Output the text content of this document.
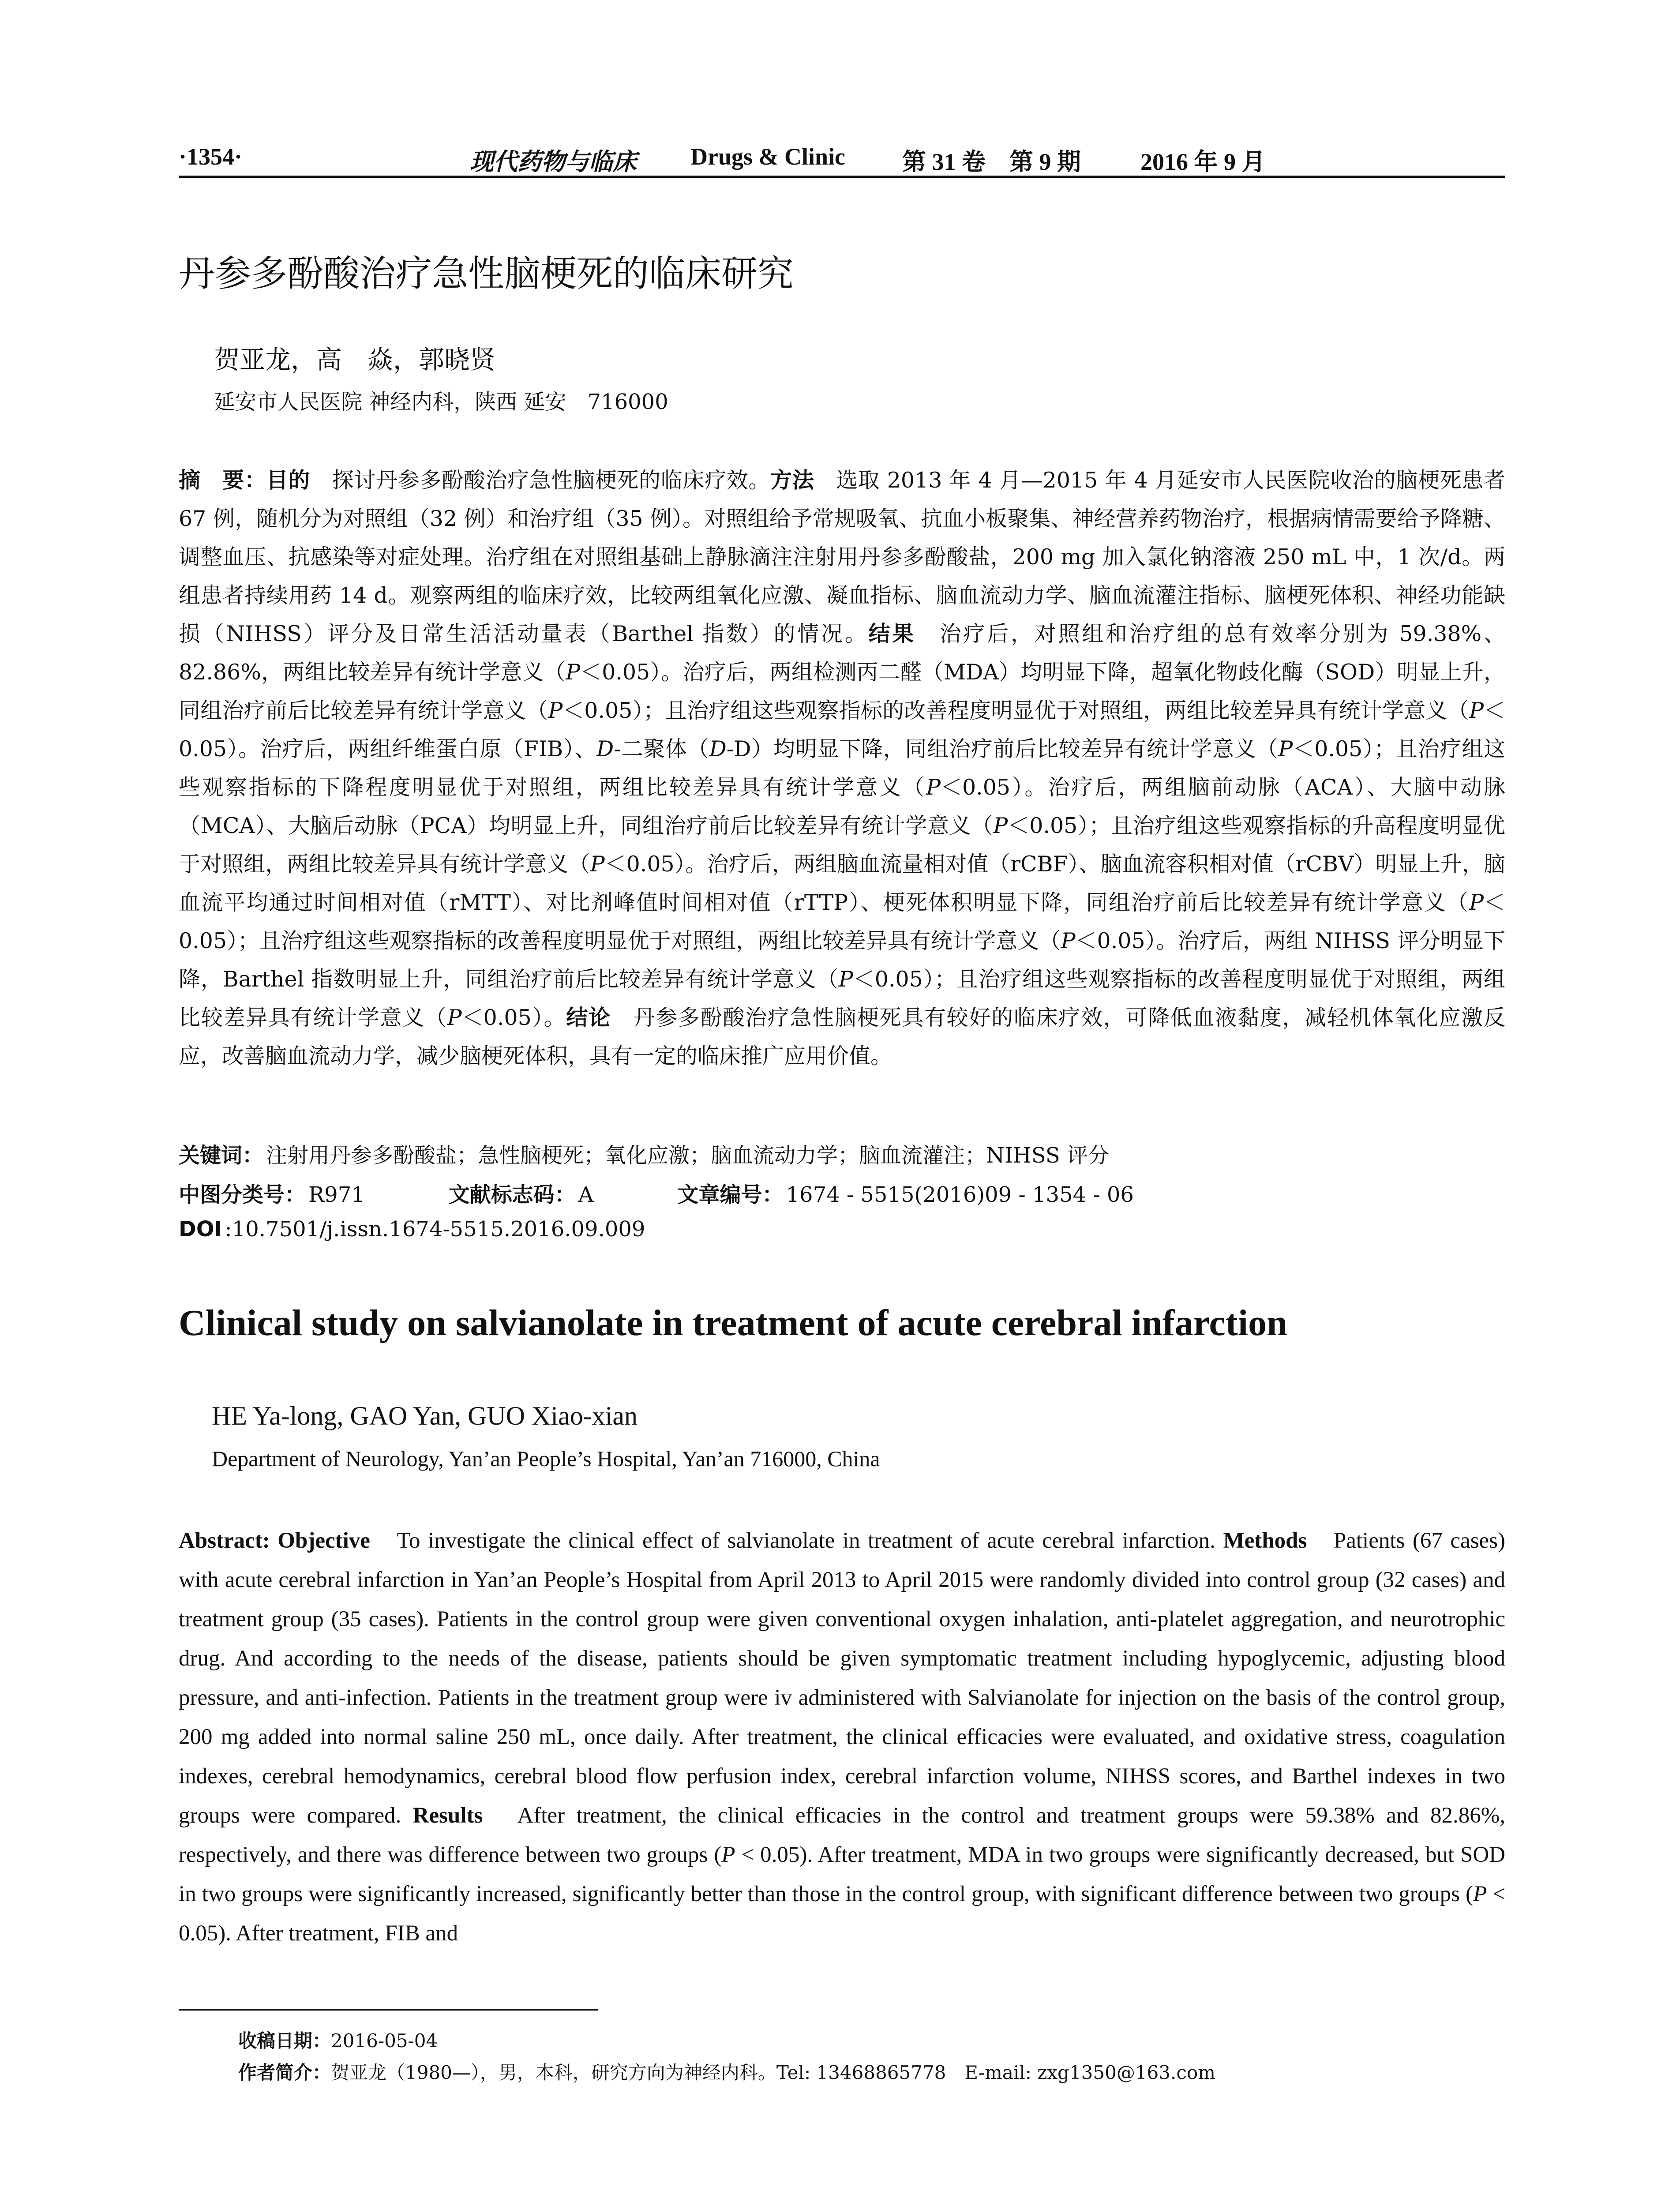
·1354·	现代药物与临床 Drugs & Clinic 第 31 卷　第 9 期	2016 年 9 月
丹参多酚酸治疗急性脑梗死的临床研究
贺亚龙，高　焱，郭晓贤
延安市人民医院 神经内科，陕西 延安　716000

摘　要：目的　探讨丹参多酚酸治疗急性脑梗死的临床疗效。方法　选取 2013 年 4 月—2015 年 4 月延安市人民医院收治的脑梗死患者 67 例，随机分为对照组（32 例）和治疗组（35 例）。对照组给予常规吸氧、抗血小板聚集、神经营养药物治疗，根据病情需要给予降糖、调整血压、抗感染等对症处理。治疗组在对照组基础上静脉滴注注射用丹参多酚酸盐，200 mg 加入氯化钠溶液 250 mL 中，1 次/d。两组患者持续用药 14 d。观察两组的临床疗效，比较两组氧化应激、凝血指标、脑血流动力学、脑血流灌注指标、脑梗死体积、神经功能缺损（NIHSS）评分及日常生活活动量表（Barthel 指数）的情况。结果　治疗后，对照组和治疗组的总有效率分别为 59.38%、82.86%，两组比较差异有统计学意义（P＜0.05）。治疗后，两组检测丙二醛（MDA）均明显下降，超氧化物歧化酶（SOD）明显上升，同组治疗前后比较差异有统计学意义（P＜0.05）；且治疗组这些观察指标的改善程度明显优于对照组，两组比较差异具有统计学意义（P＜0.05）。治疗后，两组纤维蛋白原（FIB）、D-二聚体（D-D）均明显下降，同组治疗前后比较差异有统计学意义（P＜0.05）；且治疗组这些观察指标的下降程度明显优于对照组，两组比较差异具有统计学意义（P＜0.05）。治疗后，两组脑前动脉（ACA）、大脑中动脉（MCA）、大脑后动脉（PCA）均明显上升，同组治疗前后比较差异有统计学意义（P＜0.05）；且治疗组这些观察指标的升高程度明显优于对照组，两组比较差异具有统计学意义（P＜0.05）。治疗后，两组脑血流量相对值（rCBF）、脑血流容积相对值（rCBV）明显上升，脑血流平均通过时间相对值（rMTT）、对比剂峰值时间相对值（rTTP）、梗死体积明显下降，同组治疗前后比较差异有统计学意义（P＜0.05）；且治疗组这些观察指标的改善程度明显优于对照组，两组比较差异具有统计学意义（P＜0.05）。治疗后，两组 NIHSS 评分明显下降，Barthel 指数明显上升，同组治疗前后比较差异有统计学意义（P＜0.05）；且治疗组这些观察指标的改善程度明显优于对照组，两组比较差异具有统计学意义（P＜0.05）。结论　丹参多酚酸治疗急性脑梗死具有较好的临床疗效，可降低血液黏度，减轻机体氧化应激反应，改善脑血流动力学，减少脑梗死体积，具有一定的临床推广应用价值。

关键词： 注射用丹参多酚酸盐；急性脑梗死；氧化应激；脑血流动力学；脑血流灌注；NIHSS 评分
中图分类号： R971	文献标志码： A	文章编号： 1674 - 5515(2016)09 - 1354 - 06
DOI :10.7501/j.issn.1674-5515.2016.09.009
Clinical study on salvianolate in treatment of acute cerebral infarction
HE Ya-long, GAO Yan, GUO Xiao-xian
Department of Neurology, Yan’an People’s Hospital, Yan’an 716000, China

Abstract: Objective　To investigate the clinical effect of salvianolate in treatment of acute cerebral infarction. Methods　Patients (67 cases) with acute cerebral infarction in Yan’an People’s Hospital from April 2013 to April 2015 were randomly divided into control group (32 cases) and treatment group (35 cases). Patients in the control group were given conventional oxygen inhalation, anti-platelet aggregation, and neurotrophic drug. And according to the needs of the disease, patients should be given symptomatic treatment including hypoglycemic, adjusting blood pressure, and anti-infection. Patients in the treatment group were iv administered with Salvianolate for injection on the basis of the control group, 200 mg added into normal saline 250 mL, once daily. After treatment, the clinical efficacies were evaluated, and oxidative stress, coagulation indexes, cerebral hemodynamics, cerebral blood flow perfusion index, cerebral infarction volume, NIHSS scores, and Barthel indexes in two groups were compared. Results　After treatment, the clinical efficacies in the control and treatment groups were 59.38% and 82.86%, respectively, and there was difference between two groups (P < 0.05). After treatment, MDA in two groups were significantly decreased, but SOD in two groups were significantly increased, significantly better than those in the control group, with significant difference between two groups (P < 0.05). After treatment, FIB and

收稿日期：2016-05-04
作者简介：贺亚龙（1980—），男，本科，研究方向为神经内科。Tel: 13468865778　E-mail: zxg1350@163.com
